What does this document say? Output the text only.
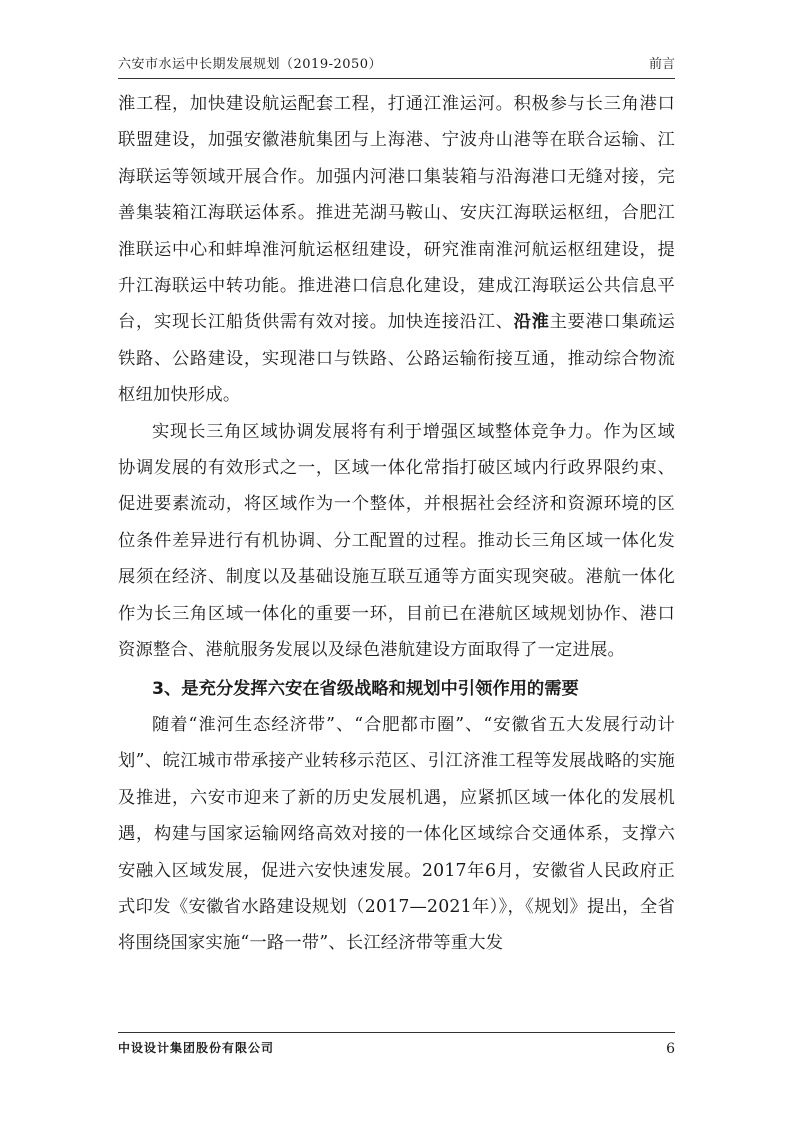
六安市水运中长期发展规划（2019-2050）	前言

淮工程，加快建设航运配套工程，打通江淮运河。积极参与长三角港口联盟建设，加强安徽港航集团与上海港、宁波舟山港等在联合运输、江海联运等领域开展合作。加强内河港口集装箱与沿海港口无缝对接，完善集装箱江海联运体系。推进芜湖马鞍山、安庆江海联运枢纽，合肥江淮联运中心和蚌埠淮河航运枢纽建设，研究淮南淮河航运枢纽建设，提升江海联运中转功能。推进港口信息化建设，建成江海联运公共信息平台，实现长江船货供需有效对接。加快连接沿江、沿淮主要港口集疏运铁路、公路建设，实现港口与铁路、公路运输衔接互通，推动综合物流枢纽加快形成。

实现长三角区域协调发展将有利于增强区域整体竞争力。作为区域协调发展的有效形式之一，区域一体化常指打破区域内行政界限约束、促进要素流动，将区域作为一个整体，并根据社会经济和资源环境的区位条件差异进行有机协调、分工配置的过程。推动长三角区域一体化发展须在经济、制度以及基础设施互联互通等方面实现突破。港航一体化作为长三角区域一体化的重要一环，目前已在港航区域规划协作、港口资源整合、港航服务发展以及绿色港航建设方面取得了一定进展。

3、是充分发挥六安在省级战略和规划中引领作用的需要

随着“淮河生态经济带”、“合肥都市圈”、“安徽省五大发展行动计划”、皖江城市带承接产业转移示范区、引江济淮工程等发展战略的实施及推进，六安市迎来了新的历史发展机遇，应紧抓区域一体化的发展机遇，构建与国家运输网络高效对接的一体化区域综合交通体系，支撑六安融入区域发展，促进六安快速发展。2017年6月，安徽省人民政府正式印发《安徽省水路建设规划（2017—2021年）》，《规划》提出，全省将围绕国家实施“一路一带”、长江经济带等重大发

中设设计集团股份有限公司	6
